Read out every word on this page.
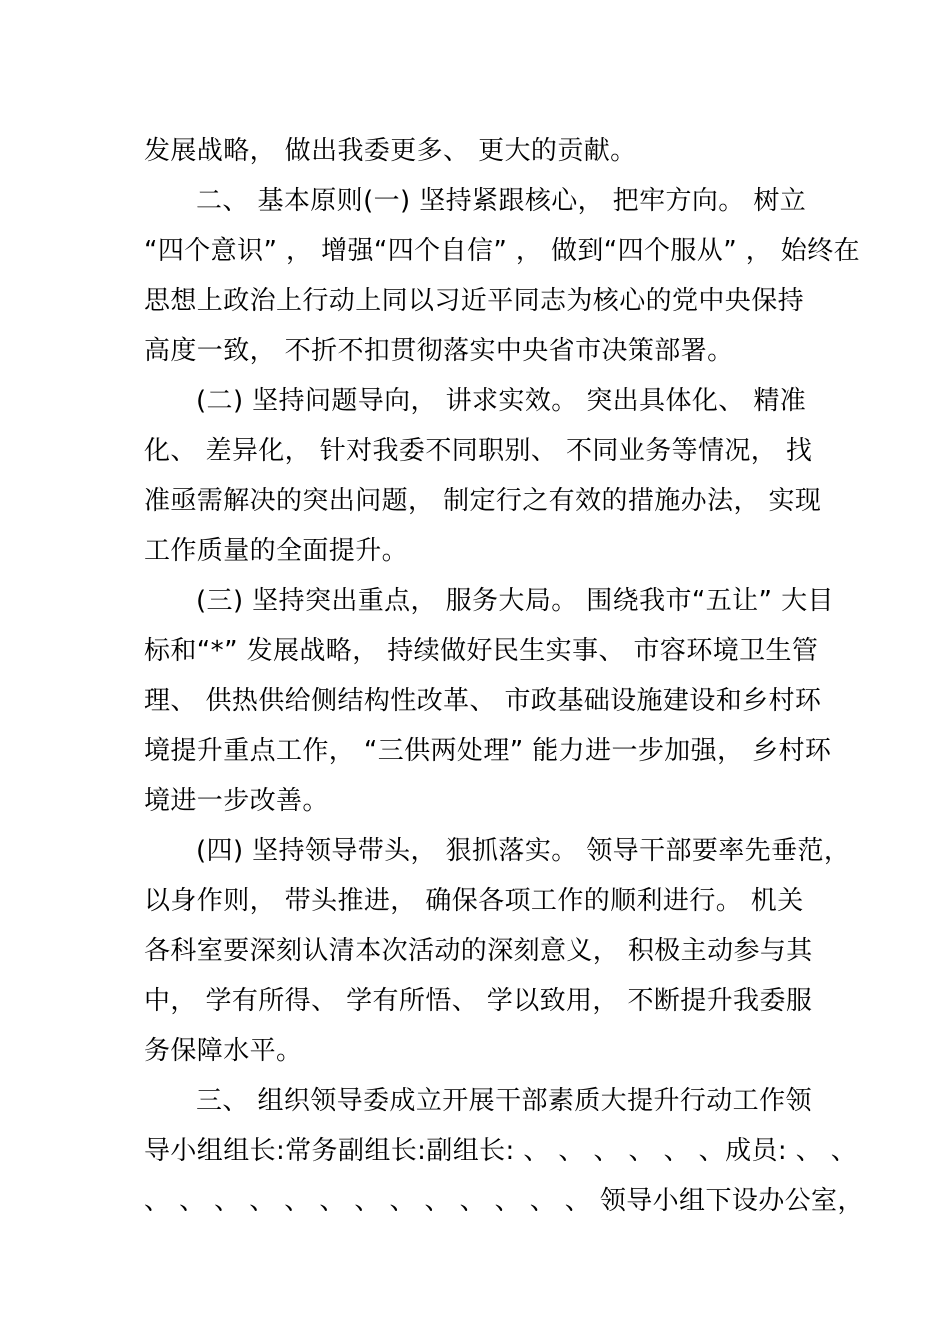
发展战略， 做出我委更多、 更大的贡献。
二、 基本原则(一) 坚持紧跟核心， 把牢方向。 树立
“四个意识” ， 增强“四个自信” ， 做到“四个服从” ， 始终在
思想上政治上行动上同以习近平同志为核心的党中央保持
高度一致， 不折不扣贯彻落实中央省市决策部署。
(二) 坚持问题导向， 讲求实效。 突出具体化、 精准
化、 差异化， 针对我委不同职别、 不同业务等情况， 找
准亟需解决的突出问题， 制定行之有效的措施办法， 实现
工作质量的全面提升。
(三) 坚持突出重点， 服务大局。 围绕我市“五让” 大目
标和“*” 发展战略， 持续做好民生实事、 市容环境卫生管
理、 供热供给侧结构性改革、 市政基础设施建设和乡村环
境提升重点工作， “三供两处理” 能力进一步加强， 乡村环
境进一步改善。
(四) 坚持领导带头， 狠抓落实。 领导干部要率先垂范，
以身作则， 带头推进， 确保各项工作的顺利进行。 机关
各科室要深刻认清本次活动的深刻意义， 积极主动参与其
中， 学有所得、 学有所悟、 学以致用， 不断提升我委服
务保障水平。
三、 组织领导委成立开展干部素质大提升行动工作领
导小组组长:常务副组长:副组长: 、 、 、 、 、 、成员: 、 、
、 、 、 、 、 、 、 、 、 、 、 、 、 领导小组下设办公室，
